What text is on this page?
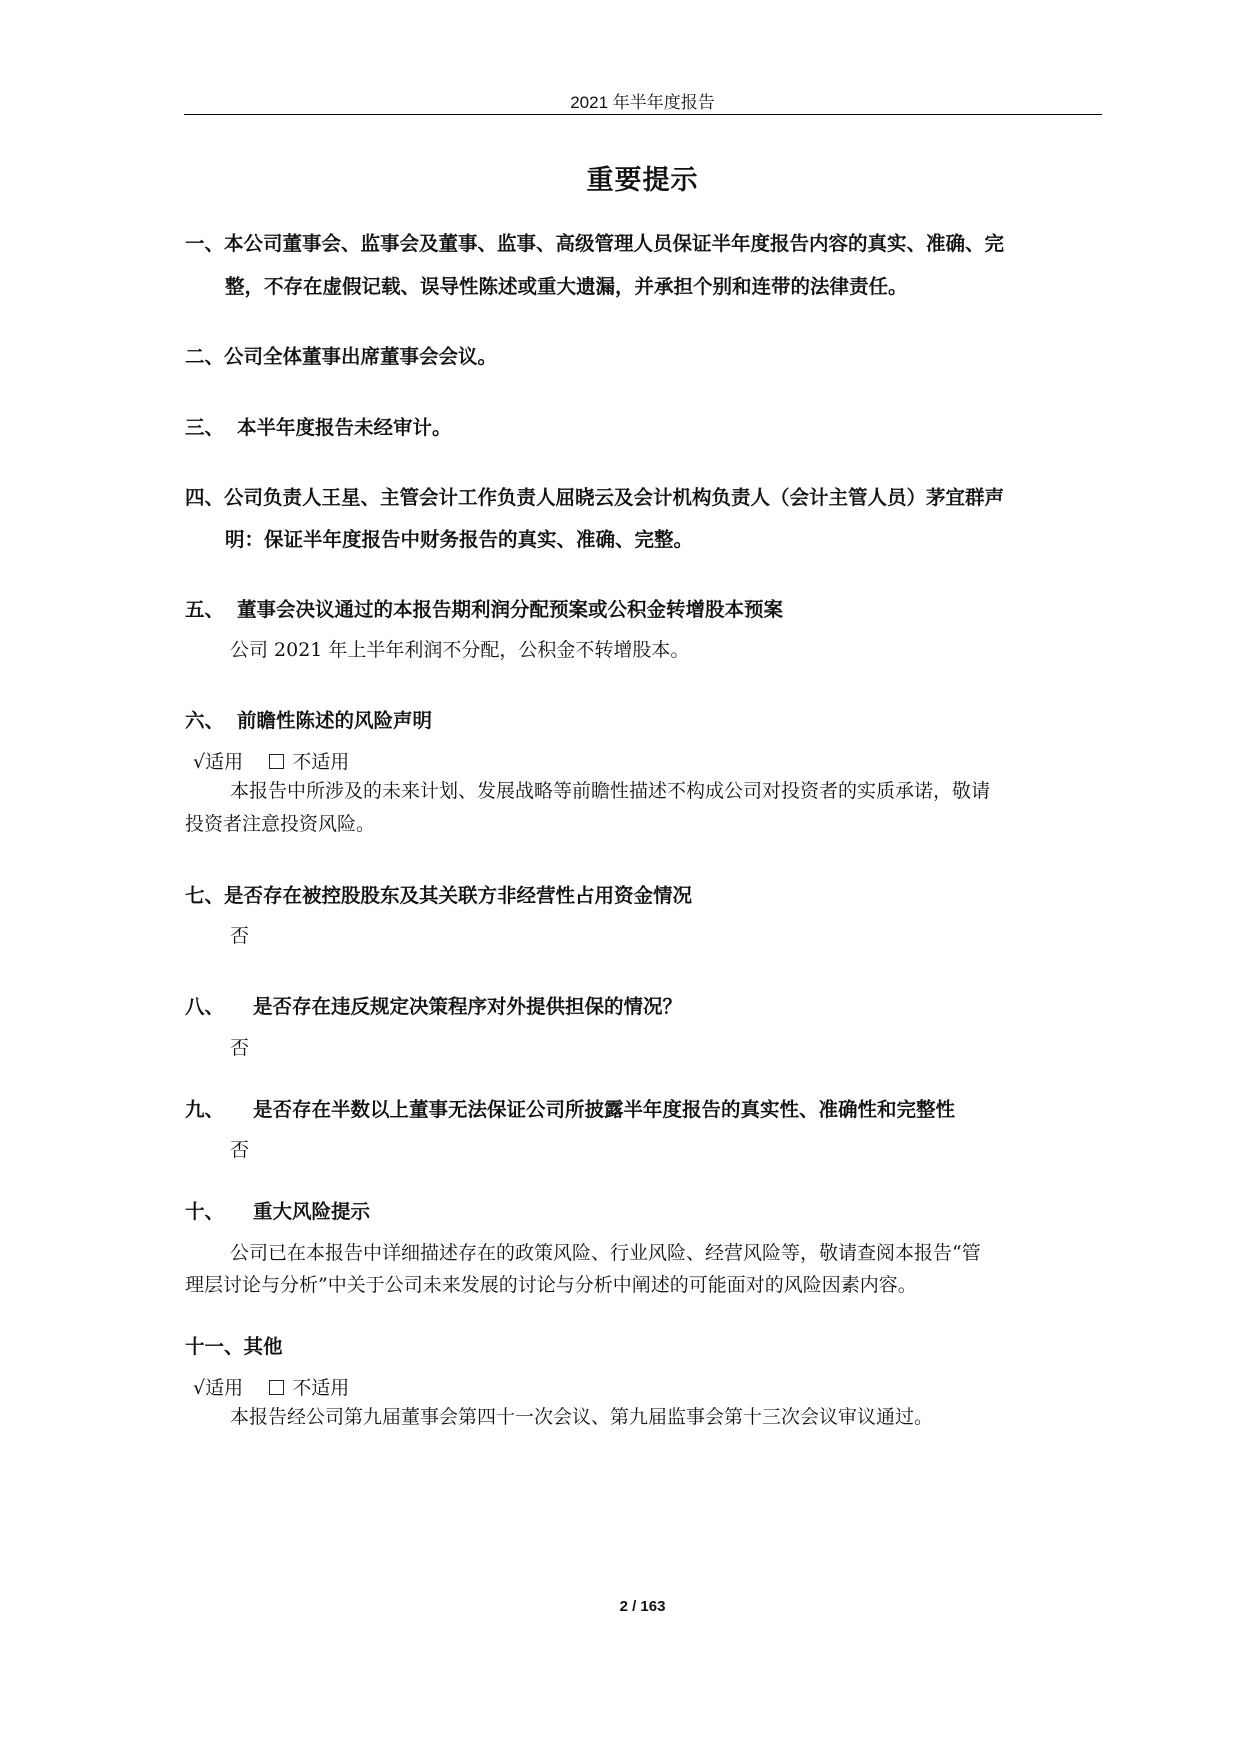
2021 年半年度报告
重要提示
一、本公司董事会、监事会及董事、监事、高级管理人员保证半年度报告内容的真实、准确、完
整，不存在虚假记载、误导性陈述或重大遗漏，并承担个别和连带的法律责任。
二、公司全体董事出席董事会会议。
三、 本半年度报告未经审计。
四、公司负责人王星、主管会计工作负责人屈晓云及会计机构负责人（会计主管人员）茅宜群声
明：保证半年度报告中财务报告的真实、准确、完整。
五、 董事会决议通过的本报告期利润分配预案或公积金转增股本预案
公司 2021 年上半年利润不分配，公积金不转增股本。
六、 前瞻性陈述的风险声明
√适用	不适用
本报告中所涉及的未来计划、发展战略等前瞻性描述不构成公司对投资者的实质承诺，敬请
投资者注意投资风险。
七、是否存在被控股股东及其关联方非经营性占用资金情况
否
八、 是否存在违反规定决策程序对外提供担保的情况？
否
九、 是否存在半数以上董事无法保证公司所披露半年度报告的真实性、准确性和完整性
否
十、 重大风险提示
公司已在本报告中详细描述存在的政策风险、行业风险、经营风险等，敬请查阅本报告“管
理层讨论与分析”中关于公司未来发展的讨论与分析中阐述的可能面对的风险因素内容。
十一、其他
√适用	不适用
本报告经公司第九届董事会第四十一次会议、第九届监事会第十三次会议审议通过。
2 / 163
